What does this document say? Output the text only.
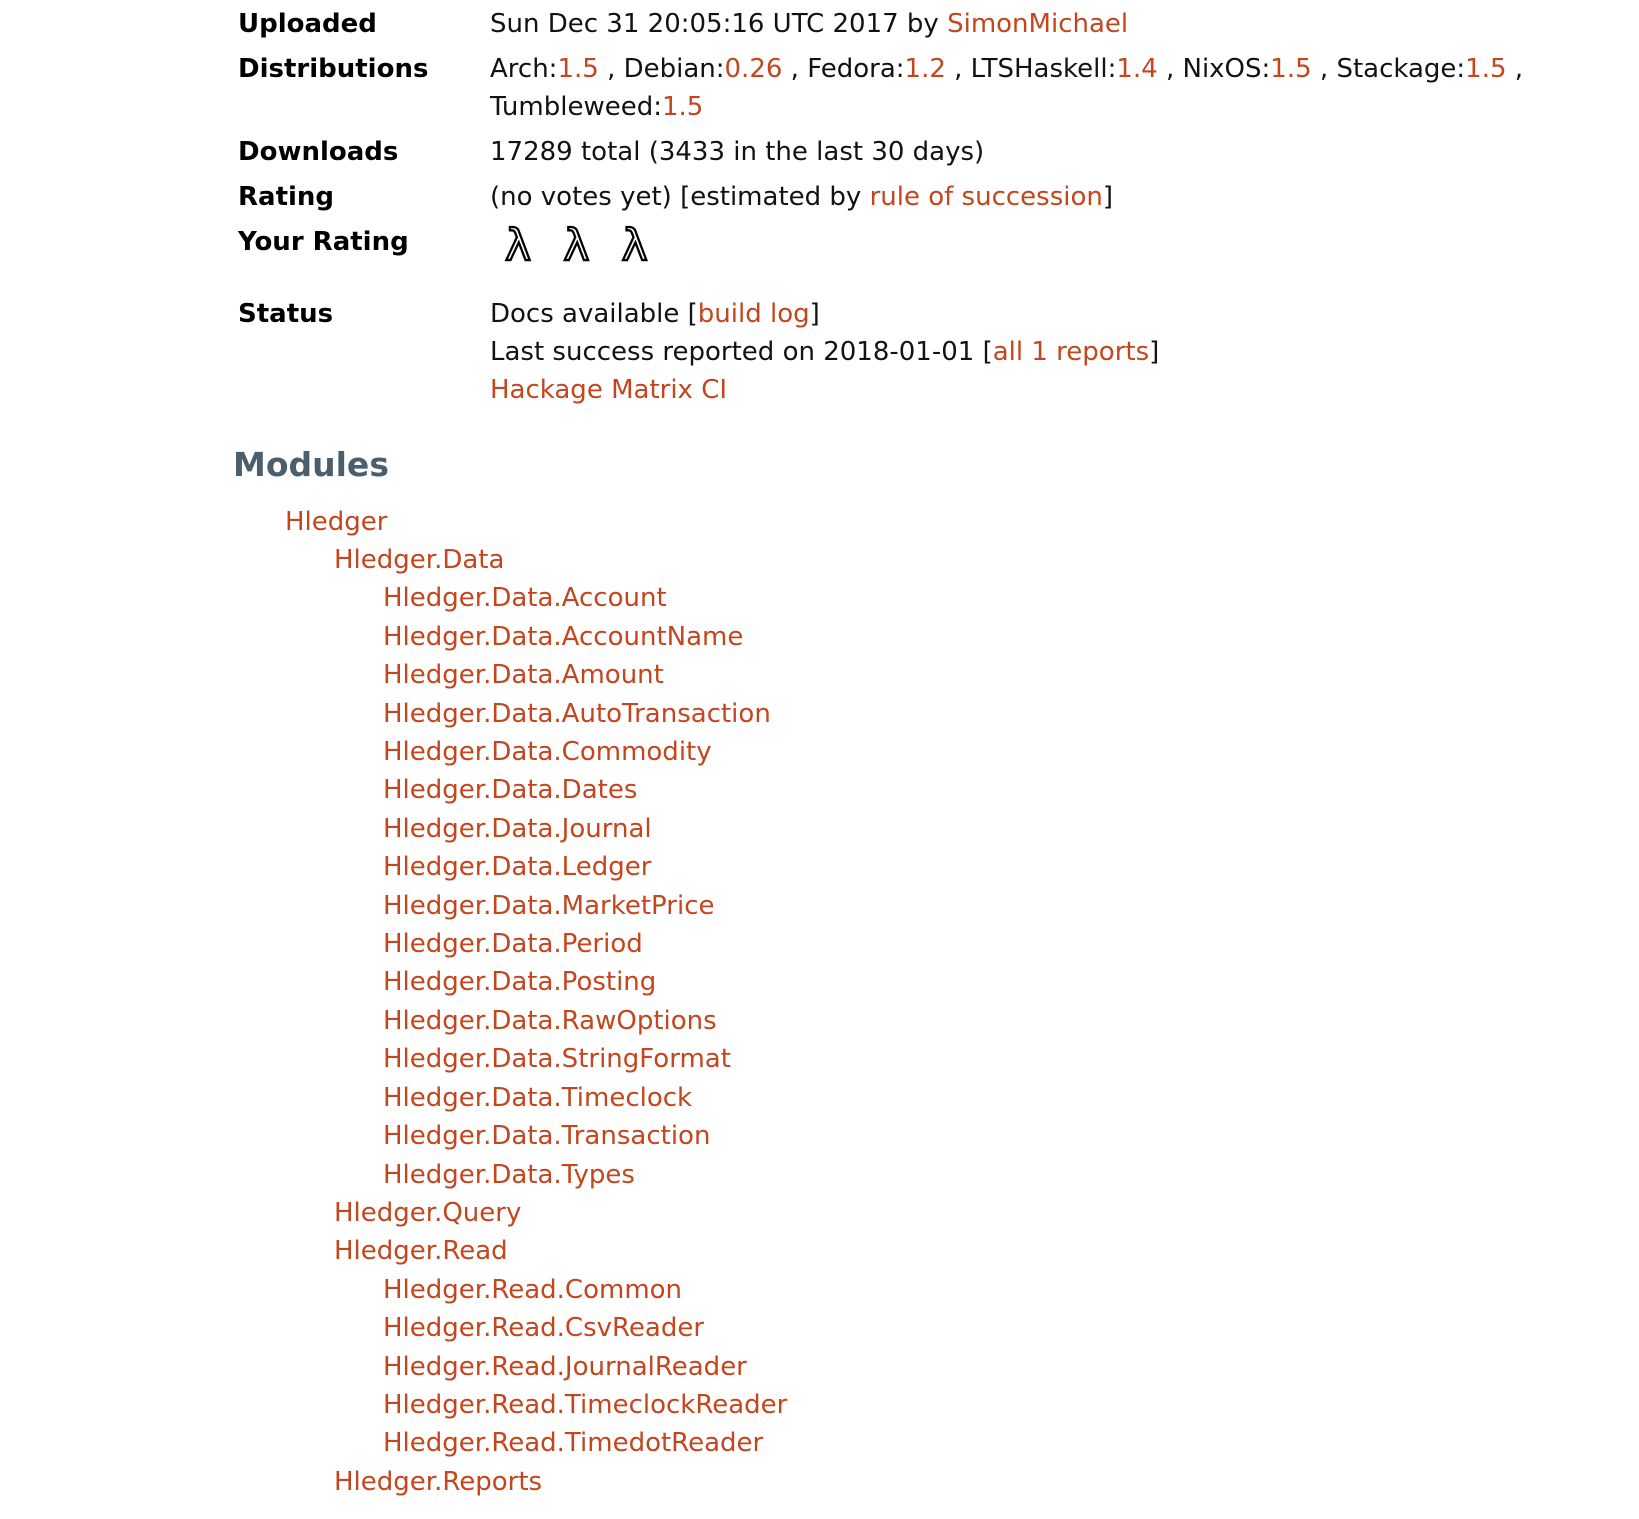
Uploaded	Sun Dec 31 20:05:16 UTC 2017 by SimonMichael
Distributions	Arch:1.5 , Debian:0.26 , Fedora:1.2 , LTSHaskell:1.4 , NixOS:1.5 , Stackage:1.5 ,
Tumbleweed:1.5

Downloads	17289 total (3433 in the last 30 days)
Rating	(no votes yet) [estimated by rule of succession]
Your Rating	λ λ λ

Status	Docs available [build log]
Last success reported on 2018-01-01 [all 1 reports]
Hackage Matrix CI
Modules
Hledger
Hledger.Data
Hledger.Data.Account
Hledger.Data.AccountName
Hledger.Data.Amount
Hledger.Data.AutoTransaction
Hledger.Data.Commodity
Hledger.Data.Dates
Hledger.Data.Journal
Hledger.Data.Ledger
Hledger.Data.MarketPrice
Hledger.Data.Period
Hledger.Data.Posting
Hledger.Data.RawOptions
Hledger.Data.StringFormat
Hledger.Data.Timeclock
Hledger.Data.Transaction
Hledger.Data.Types
Hledger.Query
Hledger.Read
Hledger.Read.Common
Hledger.Read.CsvReader
Hledger.Read.JournalReader
Hledger.Read.TimeclockReader
Hledger.Read.TimedotReader
Hledger.Reports
